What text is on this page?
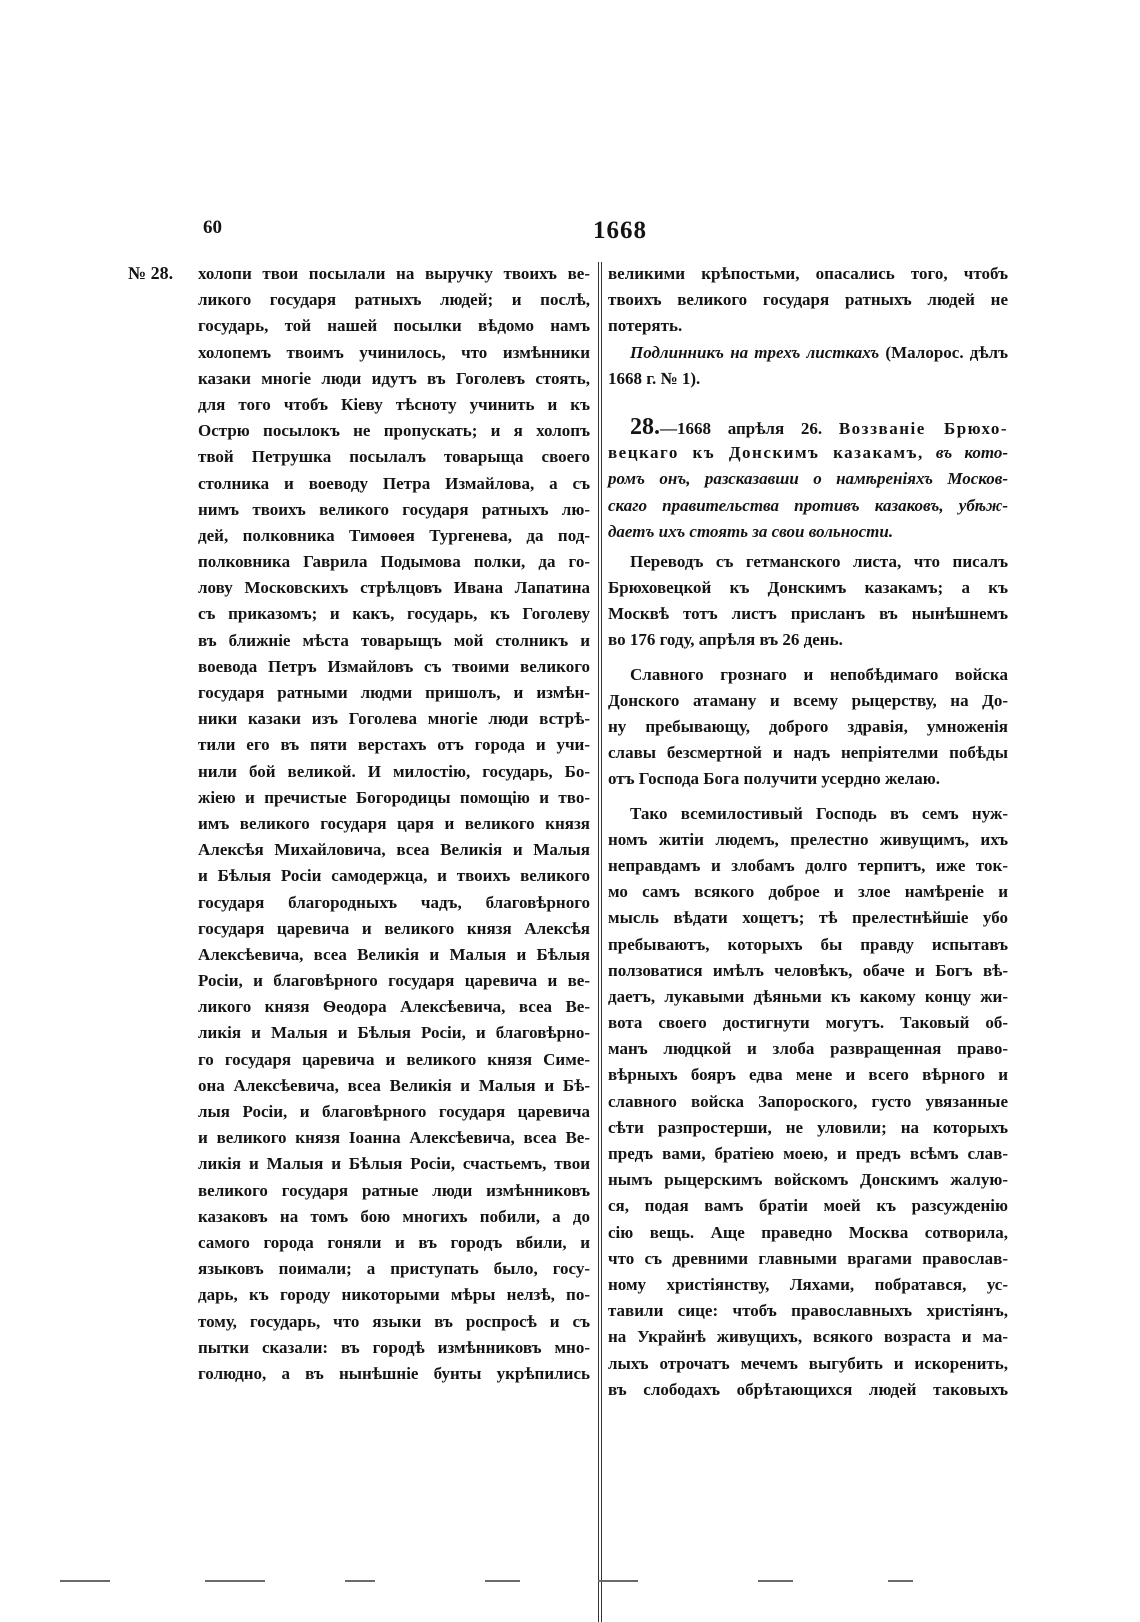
60	1668
№ 28. холопи твои посылали на выручку твоихъ ве-
ликого государя ратныхъ людей; и послѣ,
государь, той нашей посылки вѣдомо намъ
холопемъ твоимъ учинилось, что измѣнники
казаки многіе люди идутъ въ Гоголевъ стоять,
для того чтобъ Кіеву тѣсноту учинить и къ
Острю посылокъ не пропускать; и я холопъ
твой Петрушка посылалъ товарыща своего
столника и воеводу Петра Измайлова, а съ
нимъ твоихъ великого государя ратныхъ лю-
дей, полковника Тимоѳея Тургенева, да под-
полковника Гаврила Подымова полки, да го-
лову Московскихъ стрѣлцовъ Ивана Лапатина
съ приказомъ; и какъ, государь, къ Гоголеву
въ ближніе мѣста товарыщъ мой столникъ и
воевода Петръ Измайловъ съ твоими великого
государя ратными людми пришолъ, и измѣн-
ники казаки изъ Гоголева многіе люди встрѣ-
тили его въ пяти верстахъ отъ города и учи-
нили бой великой. И милостію, государь, Бо-
жіею и пречистые Богородицы помощію и тво-
имъ великого государя царя и великого князя
Алексѣя Михайловича, всеа Великія и Малыя
и Бѣлыя Росіи самодержца, и твоихъ великого
государя благородныхъ чадъ, благовѣрного
государя царевича и великого князя Алексѣя
Алексѣевича, всеа Великія и Малыя и Бѣлыя
Росіи, и благовѣрного государя царевича и ве-
ликого князя Ѳеодора Алексѣевича, всеа Ве-
ликія и Малыя и Бѣлыя Росіи, и благовѣрно-
го государя царевича и великого князя Симе-
она Алексѣевича, всеа Великія и Малыя и Бѣ-
лыя Росіи, и благовѣрного государя царевича
и великого князя Іоанна Алексѣевича, всеа Ве-
ликія и Малыя и Бѣлыя Росіи, счастьемъ, твои
великого государя ратные люди измѣнниковъ
казаковъ на томъ бою многихъ побили, а до
самого города гоняли и въ городъ вбили, и
языковъ поимали; а приступать было, госу-
дарь, къ городу никоторыми мѣры нелзѣ, по-
тому, государь, что языки въ роспросѣ и съ
пытки сказали: въ городѣ измѣнниковъ мно-
голюдно, а въ нынѣшніе бунты укрѣпились
великими крѣпостьми, опасались того, чтобъ
твоихъ великого государя ратныхъ людей не
потерять.
Подлинникъ на трехъ листкахъ (Малорос. дѣлъ
1668 г. № 1).
28.—1668 апрѣля 26. Воззваніе Брюхо-
вецкаго къ Донскимъ казакамъ, въ кото-
ромъ онъ, разсказавши о намѣреніяхъ Москов-
скаго правительства противъ казаковъ, убѣж-
даетъ ихъ стоять за свои вольности.
Переводъ съ гетманского листа, что писалъ
Брюховецкой къ Донскимъ казакамъ; а къ
Москвѣ тотъ листъ присланъ въ нынѣшнемъ
во 176 году, апрѣля въ 26 день.
Славного грознаго и непобѣдимаго войска
Донского атаману и всему рыцерству, на До-
ну пребывающу, доброго здравія, умноженія
славы безсмертной и надъ непріятелми побѣды
отъ Господа Бога получити усердно желаю.
Тако всемилостивый Господь въ семъ нуж-
номъ житіи людемъ, прелестно живущимъ, ихъ
неправдамъ и злобамъ долго терпитъ, иже ток-
мо самъ всякого доброе и злое намѣреніе и
мысль вѣдати хощетъ; тѣ прелестнѣйшіе убо
пребываютъ, которыхъ бы правду испытавъ
ползоватися имѣлъ человѣкъ, обаче и Богъ вѣ-
даетъ, лукавыми дѣяньми къ какому концу жи-
вота своего достигнути могутъ. Таковый об-
манъ людцкой и злоба развращенная право-
вѣрныхъ бояръ едва мене и всего вѣрного и
славного войска Запороского, густо увязанные
сѣти разпростерши, не уловили; на которыхъ
предъ вами, братіею моею, и предъ всѣмъ слав-
нымъ рыцерскимъ войскомъ Донскимъ жалую-
ся, подая вамъ братіи моей къ разсужденію
сію вещь. Аще праведно Москва сотворила,
что съ древними главными врагами православ-
ному христіянству, Ляхами, побратався, ус-
тавили сице: чтобъ православныхъ христіянъ,
на Украйнѣ живущихъ, всякого возраста и ма-
лыхъ отрочатъ мечемъ выгубить и искоренить,
въ слободахъ обрѣтающихся людей таковыхъ
